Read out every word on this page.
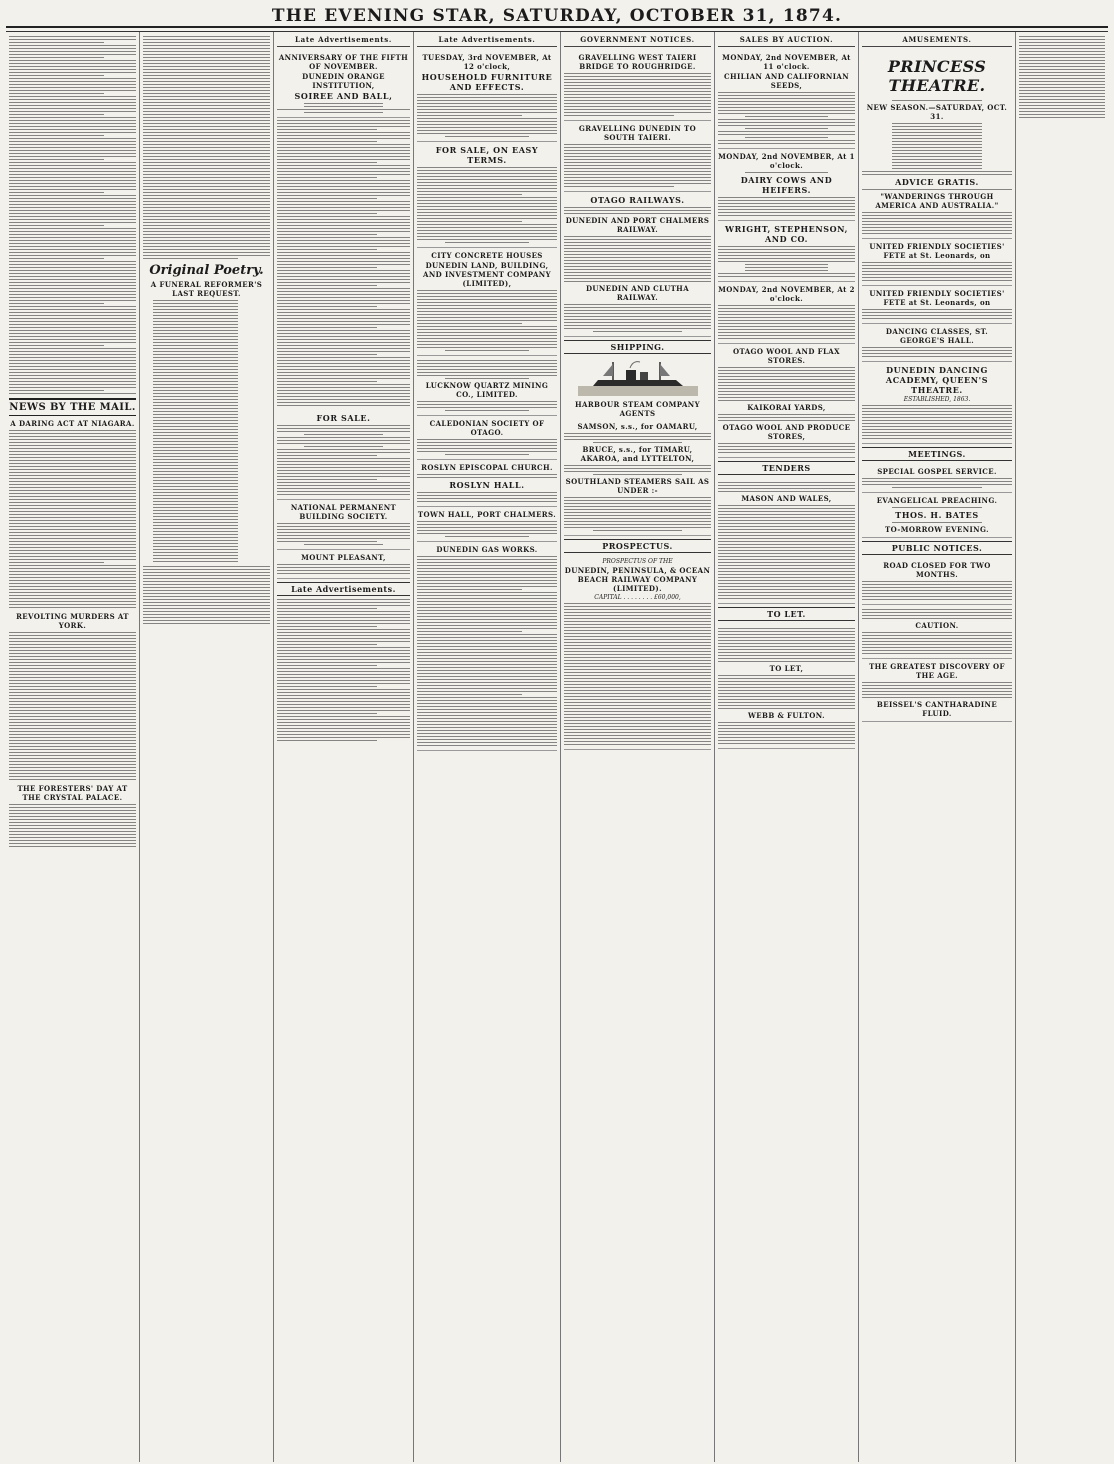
THE EVENING STAR, SATURDAY, OCTOBER 31, 1874.
NEWS BY THE MAIL.
A DARING ACT AT NIAGARA.
REVOLTING MURDERS AT YORK.
THE FORESTERS' DAY AT THE CRYSTAL PALACE.
Original Poetry.
A FUNERAL REFORMER'S LAST REQUEST.
Late Advertisements.
ANNIVERSARY OF THE FIFTH OF NOVEMBER.
DUNEDIN ORANGE INSTITUTION,
SOIREE AND BALL,
FOR SALE.
NATIONAL PERMANENT BUILDING SOCIETY.
MOUNT PLEASANT,
Late Advertisements.
Late Advertisements.
TUESDAY, 3rd NOVEMBER, At 12 o'clock,
HOUSEHOLD FURNITURE AND EFFECTS.
FOR SALE, ON EASY TERMS.
CITY CONCRETE HOUSES
DUNEDIN LAND, BUILDING, AND INVESTMENT COMPANY (LIMITED),
LUCKNOW QUARTZ MINING CO., LIMITED.
CALEDONIAN SOCIETY OF OTAGO.
ROSLYN EPISCOPAL CHURCH.
ROSLYN HALL.
TOWN HALL, PORT CHALMERS.
DUNEDIN GAS WORKS.
GOVERNMENT NOTICES.
GRAVELLING WEST TAIERI BRIDGE TO ROUGHRIDGE.
GRAVELLING DUNEDIN TO SOUTH TAIERI.
OTAGO RAILWAYS.
DUNEDIN AND PORT CHALMERS RAILWAY.
DUNEDIN AND CLUTHA RAILWAY.
SHIPPING.
HARBOUR STEAM COMPANY AGENTS
SAMSON, s.s., for OAMARU,
BRUCE, s.s., for TIMARU, AKAROA, and LYTTELTON,
SOUTHLAND STEAMERS SAIL AS UNDER :-
PROSPECTUS.
PROSPECTUS OF THE
DUNEDIN, PENINSULA, & OCEAN BEACH RAILWAY COMPANY (LIMITED).
CAPITAL . . . . . . . . £60,000,
SALES BY AUCTION.
MONDAY, 2nd NOVEMBER, At 11 o'clock.
CHILIAN AND CALIFORNIAN SEEDS,
MONDAY, 2nd NOVEMBER, At 1 o'clock.
DAIRY COWS AND HEIFERS.
WRIGHT, STEPHENSON, AND CO.
MONDAY, 2nd NOVEMBER, At 2 o'clock.
OTAGO WOOL AND FLAX STORES.
KAIKORAI YARDS,
OTAGO WOOL AND PRODUCE STORES,
TENDERS
MASON AND WALES,
TO LET.
TO LET,
WEBB & FULTON.
AMUSEMENTS.
PRINCESS THEATRE.
NEW SEASON.—SATURDAY, OCT. 31.
ADVICE GRATIS.
"WANDERINGS THROUGH AMERICA AND AUSTRALIA."
UNITED FRIENDLY SOCIETIES' FETE at St. Leonards, on
UNITED FRIENDLY SOCIETIES' FETE at St. Leonards, on
DANCING CLASSES, ST. GEORGE'S HALL.
DUNEDIN DANCING ACADEMY, QUEEN'S THEATRE.
ESTABLISHED, 1863.
MEETINGS.
SPECIAL GOSPEL SERVICE.
EVANGELICAL PREACHING.
THOS. H. BATES
TO-MORROW EVENING.
PUBLIC NOTICES.
ROAD CLOSED FOR TWO MONTHS.
CAUTION.
THE GREATEST DISCOVERY OF THE AGE.
BEISSEL'S CANTHARADINE FLUID.
